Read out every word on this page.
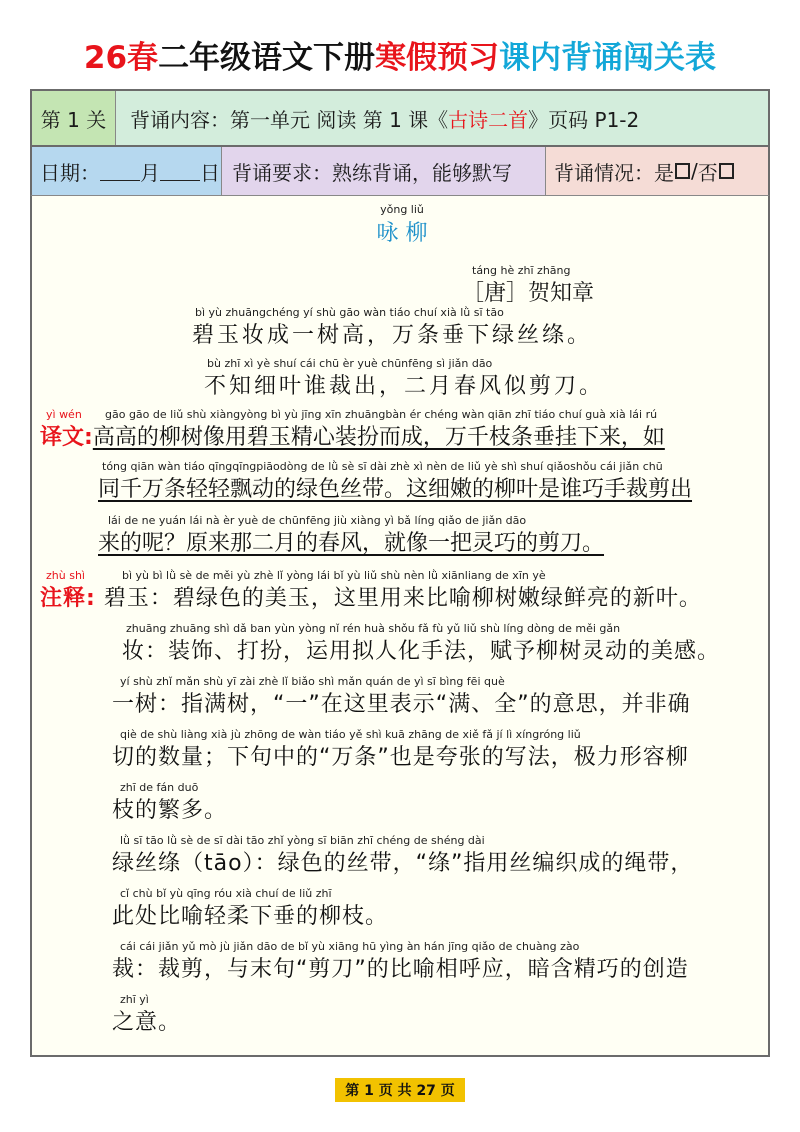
26春二年级语文下册寒假预习课内背诵闯关表
第 1 关	背诵内容：第一单元 阅读 第 1 课《 古诗二首 》页码 P1-2
日期： 月 日 背诵要求：熟练背诵，能够默写	背诵情况：是 / 否
yǒng liǔ
咏 柳
táng hè zhī zhāng
［唐］贺知章
bì yù zhuāngchéng yí shù gāo wàn tiáo chuí xià lǜ sī tāo
碧玉妆成一树高，万条垂下绿丝绦。
bù zhī xì yè shuí cái chū èr yuè chūnfēng sì jiǎn dāo
不知细叶谁裁出，二月春风似剪刀。
yì wén gāo gāo de liǔ shù xiàngyòng bì yù jīng xīn zhuāngbàn ér chéng wàn qiān zhī tiáo chuí guà xià lái rú
译文:高高的柳树像用碧玉精心装扮而成，万千枝条垂挂下来，如
tóng qiān wàn tiáo qīngqīngpiāodòng de lǜ sè sī dài zhè xì nèn de liǔ yè shì shuí qiǎoshǒu cái jiǎn chū
同千万条轻轻飘动的绿色丝带。这细嫩的柳叶是谁巧手裁剪出
lái de ne yuán lái nà èr yuè de chūnfēng jiù xiàng yì bǎ líng qiǎo de jiǎn dāo
来的呢？原来那二月的春风，就像一把灵巧的剪刀。
zhù shì	bì yù bì lǜ sè de měi yù zhè lǐ yòng lái bǐ yù liǔ shù nèn lǜ xiānliang de xīn yè
注释: 碧玉：碧绿色的美玉，这里用来比喻柳树嫩绿鲜亮的新叶。
zhuāng zhuāng shì dǎ ban yùn yòng nǐ rén huà shǒu fǎ fù yǔ liǔ shù líng dòng de měi gǎn
妆：装饰、打扮，运用拟人化手法，赋予柳树灵动的美感。
yí shù zhǐ mǎn shù yī zài zhè lǐ biǎo shì mǎn quán de yì sī bìng fēi què
一树：指满树，“一”在这里表示“满、全”的意思，并非确
qiè de shù liàng xià jù zhōng de wàn tiáo yě shì kuā zhāng de xiě fǎ jí lì xíngróng liǔ
切的数量；下句中的“万条”也是夸张的写法，极力形容柳
zhī de fán duō
枝的繁多。
lǜ sī tāo lǜ sè de sī dài tāo zhǐ yòng sī biān zhī chéng de shéng dài
绿丝绦（tāo）：绿色的丝带，“绦”指用丝编织成的绳带，
cǐ chù bǐ yù qīng róu xià chuí de liǔ zhī
此处比喻轻柔下垂的柳枝。
cái cái jiǎn yǔ mò jù jiǎn dāo de bǐ yù xiāng hū yìng àn hán jīng qiǎo de chuàng zào
裁：裁剪，与末句“剪刀”的比喻相呼应，暗含精巧的创造
zhī yì
之意。
第 1 页 共 27 页
